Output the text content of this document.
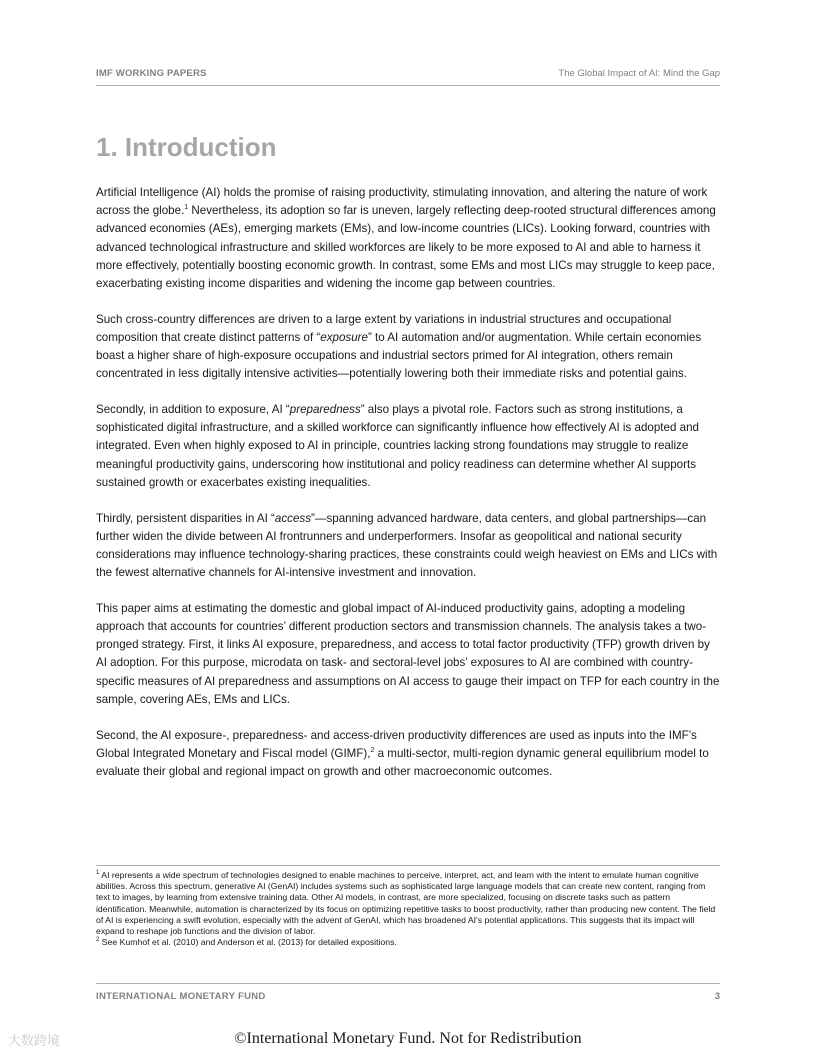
IMF WORKING PAPERS	The Global Impact of AI: Mind the Gap
1. Introduction

Artificial Intelligence (AI) holds the promise of raising productivity, stimulating innovation, and altering the nature of work across the globe.$^1$ Nevertheless, its adoption so far is uneven, largely reflecting deep-rooted structural differences among advanced economies (AEs), emerging markets (EMs), and low-income countries (LICs). Looking forward, countries with advanced technological infrastructure and skilled workforces are likely to be more exposed to AI and able to harness it more effectively, potentially boosting economic growth. In contrast, some EMs and most LICs may struggle to keep pace, exacerbating existing income disparities and widening the income gap between countries.

Such cross-country differences are driven to a large extent by variations in industrial structures and occupational composition that create distinct patterns of “exposure” to AI automation and/or augmentation. While certain economies boast a higher share of high-exposure occupations and industrial sectors primed for AI integration, others remain concentrated in less digitally intensive activities—potentially lowering both their immediate risks and potential gains.

Secondly, in addition to exposure, AI “preparedness” also plays a pivotal role. Factors such as strong institutions, a sophisticated digital infrastructure, and a skilled workforce can significantly influence how effectively AI is adopted and integrated. Even when highly exposed to AI in principle, countries lacking strong foundations may struggle to realize meaningful productivity gains, underscoring how institutional and policy readiness can determine whether AI supports sustained growth or exacerbates existing inequalities.

Thirdly, persistent disparities in AI “access”—spanning advanced hardware, data centers, and global partnerships—can further widen the divide between AI frontrunners and underperformers. Insofar as geopolitical and national security considerations may influence technology-sharing practices, these constraints could weigh heaviest on EMs and LICs with the fewest alternative channels for AI-intensive investment and innovation.

This paper aims at estimating the domestic and global impact of AI-induced productivity gains, adopting a modeling approach that accounts for countries’ different production sectors and transmission channels. The analysis takes a two-pronged strategy. First, it links AI exposure, preparedness, and access to total factor productivity (TFP) growth driven by AI adoption. For this purpose, microdata on task- and sectoral-level jobs’ exposures to AI are combined with country-specific measures of AI preparedness and assumptions on AI access to gauge their impact on TFP for each country in the sample, covering AEs, EMs and LICs.

Second, the AI exposure-, preparedness- and access-driven productivity differences are used as inputs into the IMF’s Global Integrated Monetary and Fiscal model (GIMF),$^2$ a multi-sector, multi-region dynamic general equilibrium model to evaluate their global and regional impact on growth and other macroeconomic outcomes.

$^1$ AI represents a wide spectrum of technologies designed to enable machines to perceive, interpret, act, and learn with the intent to emulate human cognitive abilities. Across this spectrum, generative AI (GenAI) includes systems such as sophisticated large language models that can create new content, ranging from text to images, by learning from extensive training data. Other AI models, in contrast, are more specialized, focusing on discrete tasks such as pattern identification. Meanwhile, automation is characterized by its focus on optimizing repetitive tasks to boost productivity, rather than producing new content. The field of AI is experiencing a swift evolution, especially with the advent of GenAI, which has broadened AI's potential applications. This suggests that its impact will expand to reshape job functions and the division of labor.

$^2$ See Kumhof et al. (2010) and Anderson et al. (2013) for detailed expositions.

INTERNATIONAL MONETARY FUND	3
大数跨境	©International Monetary Fund. Not for Redistribution
